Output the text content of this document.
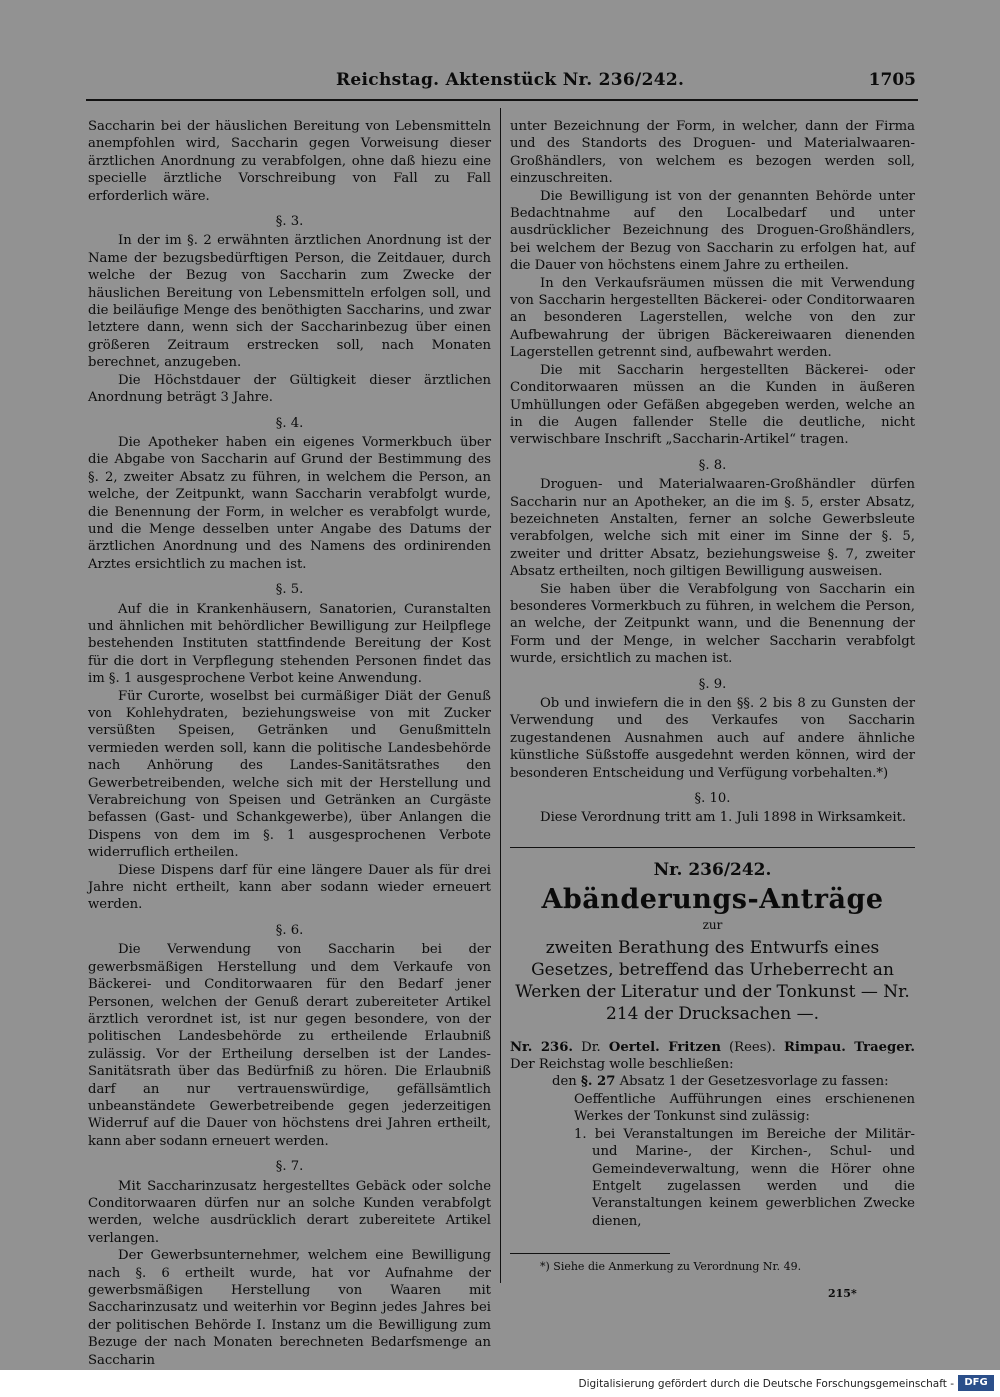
Reichstag. Aktenstück Nr. 236/242.	1705

Saccharin bei der häuslichen Bereitung von Lebensmitteln anempfohlen wird, Saccharin gegen Vorweisung dieser ärztlichen Anordnung zu verabfolgen, ohne daß hiezu eine specielle ärztliche Vorschreibung von Fall zu Fall erforderlich wäre.

§. 3.

In der im §. 2 erwähnten ärztlichen Anordnung ist der Name der bezugsbedürftigen Person, die Zeitdauer, durch welche der Bezug von Saccharin zum Zwecke der häuslichen Bereitung von Lebensmitteln erfolgen soll, und die beiläufige Menge des benöthigten Saccharins, und zwar letztere dann, wenn sich der Saccharinbezug über einen größeren Zeitraum erstrecken soll, nach Monaten berechnet, anzugeben.

Die Höchstdauer der Gültigkeit dieser ärztlichen Anordnung beträgt 3 Jahre.

§. 4.

Die Apotheker haben ein eigenes Vormerkbuch über die Abgabe von Saccharin auf Grund der Bestimmung des §. 2, zweiter Absatz zu führen, in welchem die Person, an welche, der Zeitpunkt, wann Saccharin verabfolgt wurde, die Benennung der Form, in welcher es verabfolgt wurde, und die Menge desselben unter Angabe des Datums der ärztlichen Anordnung und des Namens des ordinirenden Arztes ersichtlich zu machen ist.

§. 5.

Auf die in Krankenhäusern, Sanatorien, Curanstalten und ähnlichen mit behördlicher Bewilligung zur Heilpflege bestehenden Instituten stattfindende Bereitung der Kost für die dort in Verpflegung stehenden Personen findet das im §. 1 ausgesprochene Verbot keine Anwendung.

Für Curorte, woselbst bei curmäßiger Diät der Genuß von Kohlehydraten, beziehungsweise von mit Zucker versüßten Speisen, Getränken und Genußmitteln vermieden werden soll, kann die politische Landesbehörde nach Anhörung des Landes-Sanitätsrathes den Gewerbetreibenden, welche sich mit der Herstellung und Verabreichung von Speisen und Getränken an Curgäste befassen (Gast- und Schankgewerbe), über Anlangen die Dispens von dem im §. 1 ausgesprochenen Verbote widerruflich ertheilen.

Diese Dispens darf für eine längere Dauer als für drei Jahre nicht ertheilt, kann aber sodann wieder erneuert werden.

§. 6.

Die Verwendung von Saccharin bei der gewerbsmäßigen Herstellung und dem Verkaufe von Bäckerei- und Conditorwaaren für den Bedarf jener Personen, welchen der Genuß derart zubereiteter Artikel ärztlich verordnet ist, ist nur gegen besondere, von der politischen Landesbehörde zu ertheilende Erlaubniß zulässig. Vor der Ertheilung derselben ist der Landes-Sanitätsrath über das Bedürfniß zu hören. Die Erlaubniß darf an nur vertrauenswürdige, gefällsämtlich unbeanständete Gewerbetreibende gegen jederzeitigen Widerruf auf die Dauer von höchstens drei Jahren ertheilt, kann aber sodann erneuert werden.

§. 7.

Mit Saccharinzusatz hergestelltes Gebäck oder solche Conditorwaaren dürfen nur an solche Kunden verabfolgt werden, welche ausdrücklich derart zubereitete Artikel verlangen.

Der Gewerbsunternehmer, welchem eine Bewilligung nach §. 6 ertheilt wurde, hat vor Aufnahme der gewerbsmäßigen Herstellung von Waaren mit Saccharinzusatz und weiterhin vor Beginn jedes Jahres bei der politischen Behörde I. Instanz um die Bewilligung zum Bezuge der nach Monaten berechneten Bedarfsmenge an Saccharin

unter Bezeichnung der Form, in welcher, dann der Firma und des Standorts des Droguen- und Materialwaaren-Großhändlers, von welchem es bezogen werden soll, einzuschreiten.

Die Bewilligung ist von der genannten Behörde unter Bedachtnahme auf den Localbedarf und unter ausdrücklicher Bezeichnung des Droguen-Großhändlers, bei welchem der Bezug von Saccharin zu erfolgen hat, auf die Dauer von höchstens einem Jahre zu ertheilen.

In den Verkaufsräumen müssen die mit Verwendung von Saccharin hergestellten Bäckerei- oder Conditorwaaren an besonderen Lagerstellen, welche von den zur Aufbewahrung der übrigen Bäckereiwaaren dienenden Lagerstellen getrennt sind, aufbewahrt werden.

Die mit Saccharin hergestellten Bäckerei- oder Conditorwaaren müssen an die Kunden in äußeren Umhüllungen oder Gefäßen abgegeben werden, welche an in die Augen fallender Stelle die deutliche, nicht verwischbare Inschrift „Saccharin-Artikel“ tragen.

§. 8.

Droguen- und Materialwaaren-Großhändler dürfen Saccharin nur an Apotheker, an die im §. 5, erster Absatz, bezeichneten Anstalten, ferner an solche Gewerbsleute verabfolgen, welche sich mit einer im Sinne der §. 5, zweiter und dritter Absatz, beziehungsweise §. 7, zweiter Absatz ertheilten, noch giltigen Bewilligung ausweisen.

Sie haben über die Verabfolgung von Saccharin ein besonderes Vormerkbuch zu führen, in welchem die Person, an welche, der Zeitpunkt wann, und die Benennung der Form und der Menge, in welcher Saccharin verabfolgt wurde, ersichtlich zu machen ist.

§. 9.

Ob und inwiefern die in den §§. 2 bis 8 zu Gunsten der Verwendung und des Verkaufes von Saccharin zugestandenen Ausnahmen auch auf andere ähnliche künstliche Süßstoffe ausgedehnt werden können, wird der besonderen Entscheidung und Verfügung vorbehalten.*)

§. 10.

Diese Verordnung tritt am 1. Juli 1898 in Wirksamkeit.

Nr. 236/242.
Abänderungs-Anträge
zur
zweiten Berathung des Entwurfs eines Gesetzes, betreffend das Urheberrecht an Werken der Literatur und der Tonkunst — Nr. 214 der Drucksachen —.

Nr. 236. Dr. Oertel. Fritzen (Rees). Rimpau. Traeger. Der Reichstag wolle beschließen:

den §. 27 Absatz 1 der Gesetzesvorlage zu fassen:

Oeffentliche Aufführungen eines erschienenen Werkes der Tonkunst sind zulässig:

1. bei Veranstaltungen im Bereiche der Militär- und Marine-, der Kirchen-, Schul- und Gemeindeverwaltung, wenn die Hörer ohne Entgelt zugelassen werden und die Veranstaltungen keinem gewerblichen Zwecke dienen,

*) Siehe die Anmerkung zu Verordnung Nr. 49.
215*
Digitalisierung gefördert durch die Deutsche Forschungsgemeinschaft -	DFG
